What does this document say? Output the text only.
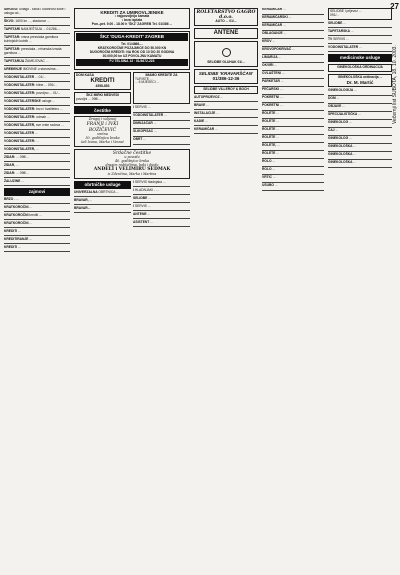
27
Večernji list SUBOTA, 18. 10. 2003.
SIROGU: Šiltago - kiosk i udobnost sobe i usluga od...
ŠKVO: 1600 kn ..., stacionar ...
TAPETARI NAMJEŠTAJA ... 01/286-...
TAPETAR: vrsna presvlaka garnitura kuhinjskih kutnih ...
TAPETAR: presvlaka - vrhunska izrada garnitura ...
TAPETARIJA ŽAMEJOVAC ...
UREĐENJE IMOVINE u stanovima ...
VODOINSTALATER ... 01/...
VODOINSTALATER: hitne ... 091/...
VODOINSTALATER: povoljno ... 01/...
VODOINSTALATERSKE usluge ...
VODOINSTALATER: brzo i kvalitetno ...
VODOINSTALATER: odmah ...
VODOINSTALATER, sve vrste radova ...
VODOINSTALATER ...
VODOINSTALATER: ...
VODOINSTALATER, ...
ZIDAR: ... 098/...
ZIDAR, ...
ZIDAR: ... 098/...
ŽALUZINE ...
zajmovi
BRZO - ...
KRATKOROČNI ...
KRATKOROČNI krediti ...
KRATKOROČNI ...
KREDITI ...
KREDITIRANJE ...
KREDITI ...
KREDITI ZA UMIROVLJENIKE
• najpovoljnija kamata
• brza isplata
Pon.-pet. 9.00 - 18.00 h 'ŠKZ' ZAGREB Tel. 01/386 ...
ŠKZ 'DUGA-KREDIT' ZAGREB
Tel. 01/4866-...
KRATKOROČNE POZAJMICE DO 50.000 KN
DUGOROČNI KREDITI: NA ROK OD 10 DO 20 GODINA
30.000,00 kn UZ POVOLJNU KAMATU
PJ TELSINA 13 · 01/4672-223
DOM KASA
KREDITI
4558-853
ŠKZ MIRKI MEDVEDI
povoljni ... 098/...
IMAMO KREDITE ZA
TURISTE ...
... 6 MJESECI ...
čestitke
Dragoj i voljenoj
FRANJI i IVKI
BOŽIČEVIĆ
sretnu
50. godišnjicu braka
želi Ivana, Marko i Vesna!
I SERVIS ...
VODOINSTALATER ...
DIMNJAČAR ...
SLIKOPISAC ...
OBRT ...
Srdačne čestitke
u povodu
40. godišnjice braka
dragim roditeljima, baki i djedu
ANĐELI i VELIMIRU SEDMAK
iz Zdenčina, Marka i Martina
obrtničke usluge
UNIVERZALNA OBRTNICA ...
BRAVAR, ...
BRAVAR...
I SERVIS hladnjaka ...
I HLADNJAKI - ...
SELIDBE ...
I SERVIS ...
ANTENE ...
ASISTENT ...
ROLETARSTVO GAGRO d.o.o.
AUTO ... 01/...
ANTENE
SELIDBE GLUHAK 01/...
SELIDBE 'KRAVARŠĆAN'
01/386-12-36
SELIDBE VILLEROY & BOCH
AUTOPRIJEVOZ ...
BRAVE ...
INSTALACIJE ...
KADIE ...
KERAMIČAR ...
KERAMIČAR ...
KERAMIČARSKI ...
KERAMIČAR ...
OBLAGANJE ...
KROV ...
KROVOPOKRIVAČ ...
LIMARIJA ...
OKVIRI ...
OVLAŠTENI ...
PARKETAR ...
PEČARSKI ...
POKRETNI ...
POKRETNI ...
ROLETE ...
ROLETE ...
ROLETE ...
ROLETE ...
ROLETE, ...
ROLETE ...
ROLO ...
ROLO ...
VRTIC ...
USUBO ...
SELIDBE i prijevoz ...
091/...
SELIDBE ...
TAPETARSKA ...
TV SERVIS ...
VODOINSTALATER ...
medicinske usluge
GINEKOLOŠKA ORDINACIJA
GINEKOLOŠKA ordinacija ...
Dr. M. Martić
GINEKOLOGIJA ...
DOM ...
OBJAVE ...
SPECIJALISTIČKA ...
GINEKOLOG ...
ČAJ ...
GINEKOLOG ...
GINEKOLOŠKA ...
GINEKOLOŠKA ...
GINEKOLOŠKA ...
